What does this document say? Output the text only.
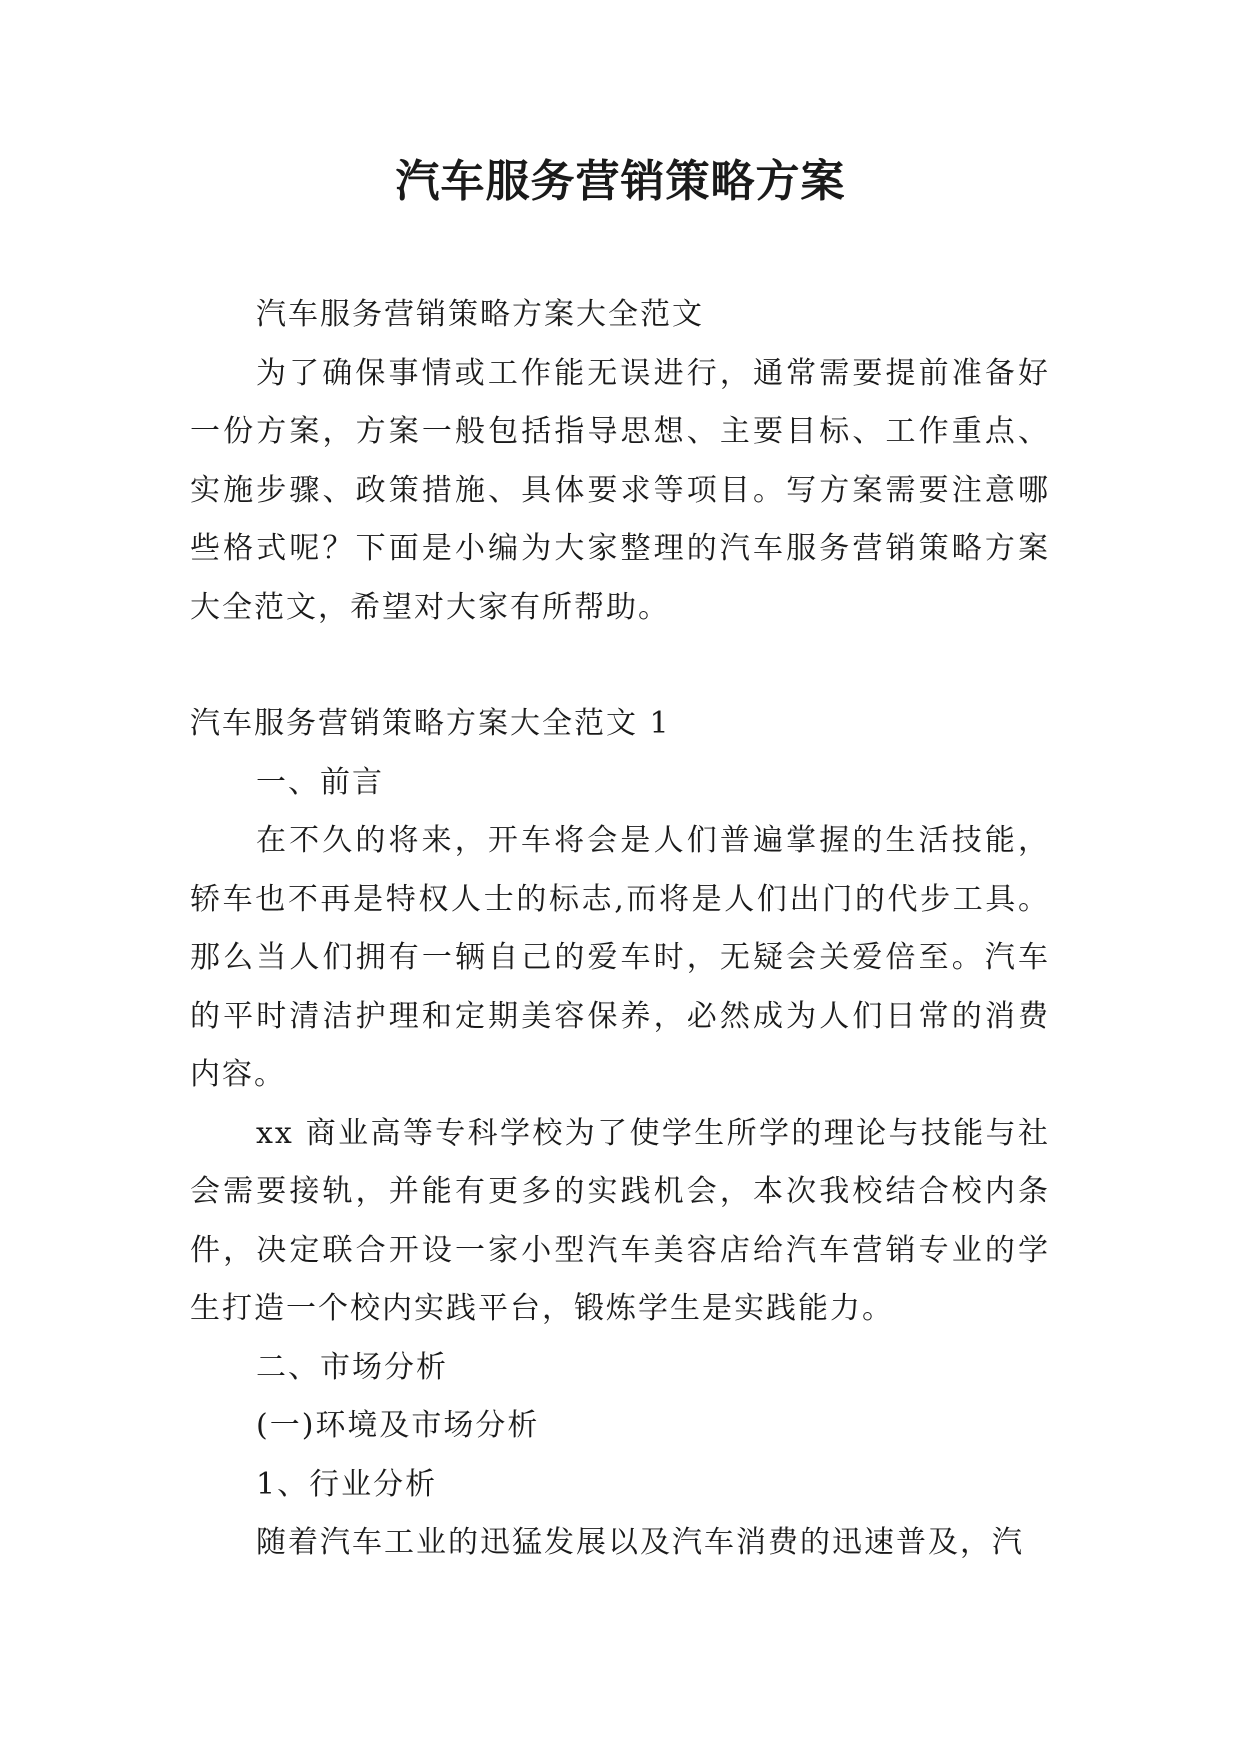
汽车服务营销策略方案

汽车服务营销策略方案大全范文

为了确保事情或工作能无误进行，通常需要提前准备好一份方案，方案一般包括指导思想、主要目标、工作重点、实施步骤、政策措施、具体要求等项目。写方案需要注意哪些格式呢？下面是小编为大家整理的汽车服务营销策略方案大全范文，希望对大家有所帮助。

汽车服务营销策略方案大全范文 1

一、前言

在不久的将来，开车将会是人们普遍掌握的生活技能，轿车也不再是特权人士的标志,而将是人们出门的代步工具。那么当人们拥有一辆自己的爱车时，无疑会关爱倍至。汽车的平时清洁护理和定期美容保养，必然成为人们日常的消费内容。

xx 商业高等专科学校为了使学生所学的理论与技能与社会需要接轨，并能有更多的实践机会，本次我校结合校内条件，决定联合开设一家小型汽车美容店给汽车营销专业的学生打造一个校内实践平台，锻炼学生是实践能力。

二、市场分析

(一)环境及市场分析

1、行业分析

随着汽车工业的迅猛发展以及汽车消费的迅速普及，汽
